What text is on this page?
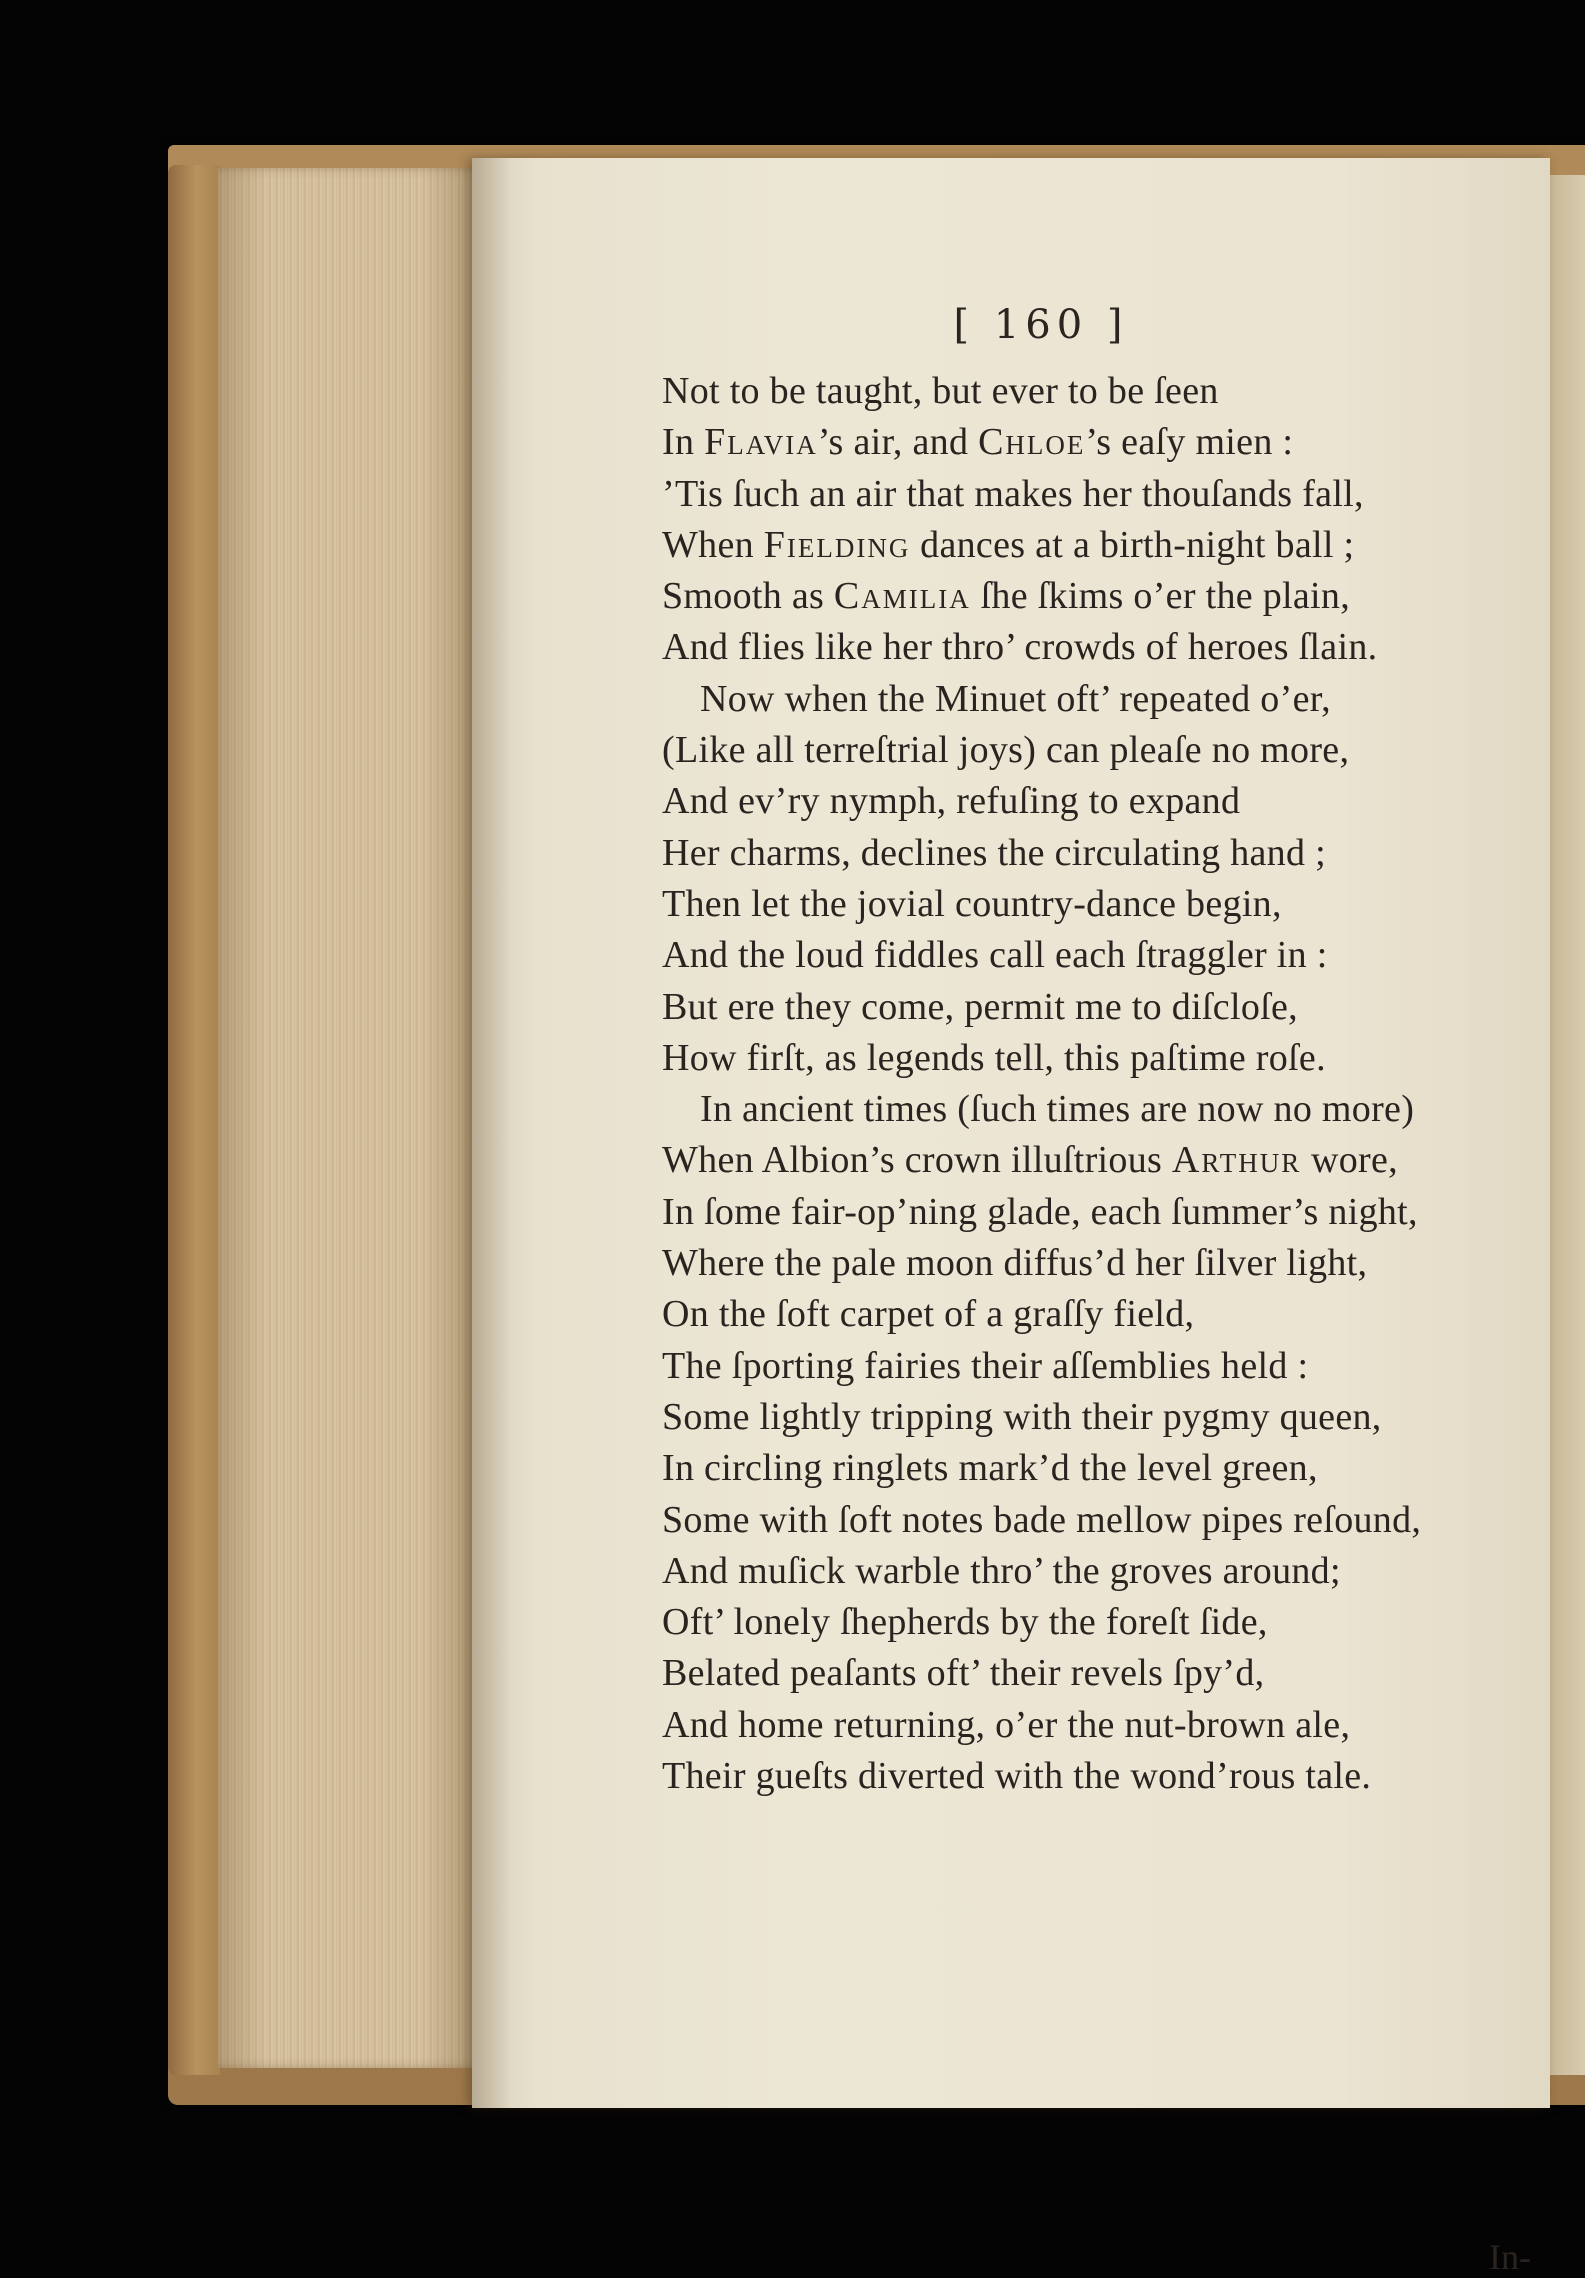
[ 160 ]
Not to be taught, but ever to be ſeen
In Flavia’s air, and Chloe’s eaſy mien :
’Tis ſuch an air that makes her thouſands fall,
When Fielding dances at a birth-night ball ;
Smooth as Camilia ſhe ſkims o’er the plain,
And flies like her thro’ crowds of heroes ſlain.
Now when the Minuet oft’ repeated o’er,
(Like all terreſtrial joys) can pleaſe no more,
And ev’ry nymph, refuſing to expand
Her charms, declines the circulating hand ;
Then let the jovial country-dance begin,
And the loud fiddles call each ſtraggler in :
But ere they come, permit me to diſcloſe,
How firſt, as legends tell, this paſtime roſe.
In ancient times (ſuch times are now no more)
When Albion’s crown illuſtrious Arthur wore,
In ſome fair-op’ning glade, each ſummer’s night,
Where the pale moon diffus’d her ſilver light,
On the ſoft carpet of a graſſy field,
The ſporting fairies their aſſemblies held :
Some lightly tripping with their pygmy queen,
In circling ringlets mark’d the level green,
Some with ſoft notes bade mellow pipes reſound,
And muſick warble thro’ the groves around;
Oft’ lonely ſhepherds by the foreſt ſide,
Belated peaſants oft’ their revels ſpy’d,
And home returning, o’er the nut-brown ale,
Their gueſts diverted with the wond’rous tale.
In-
